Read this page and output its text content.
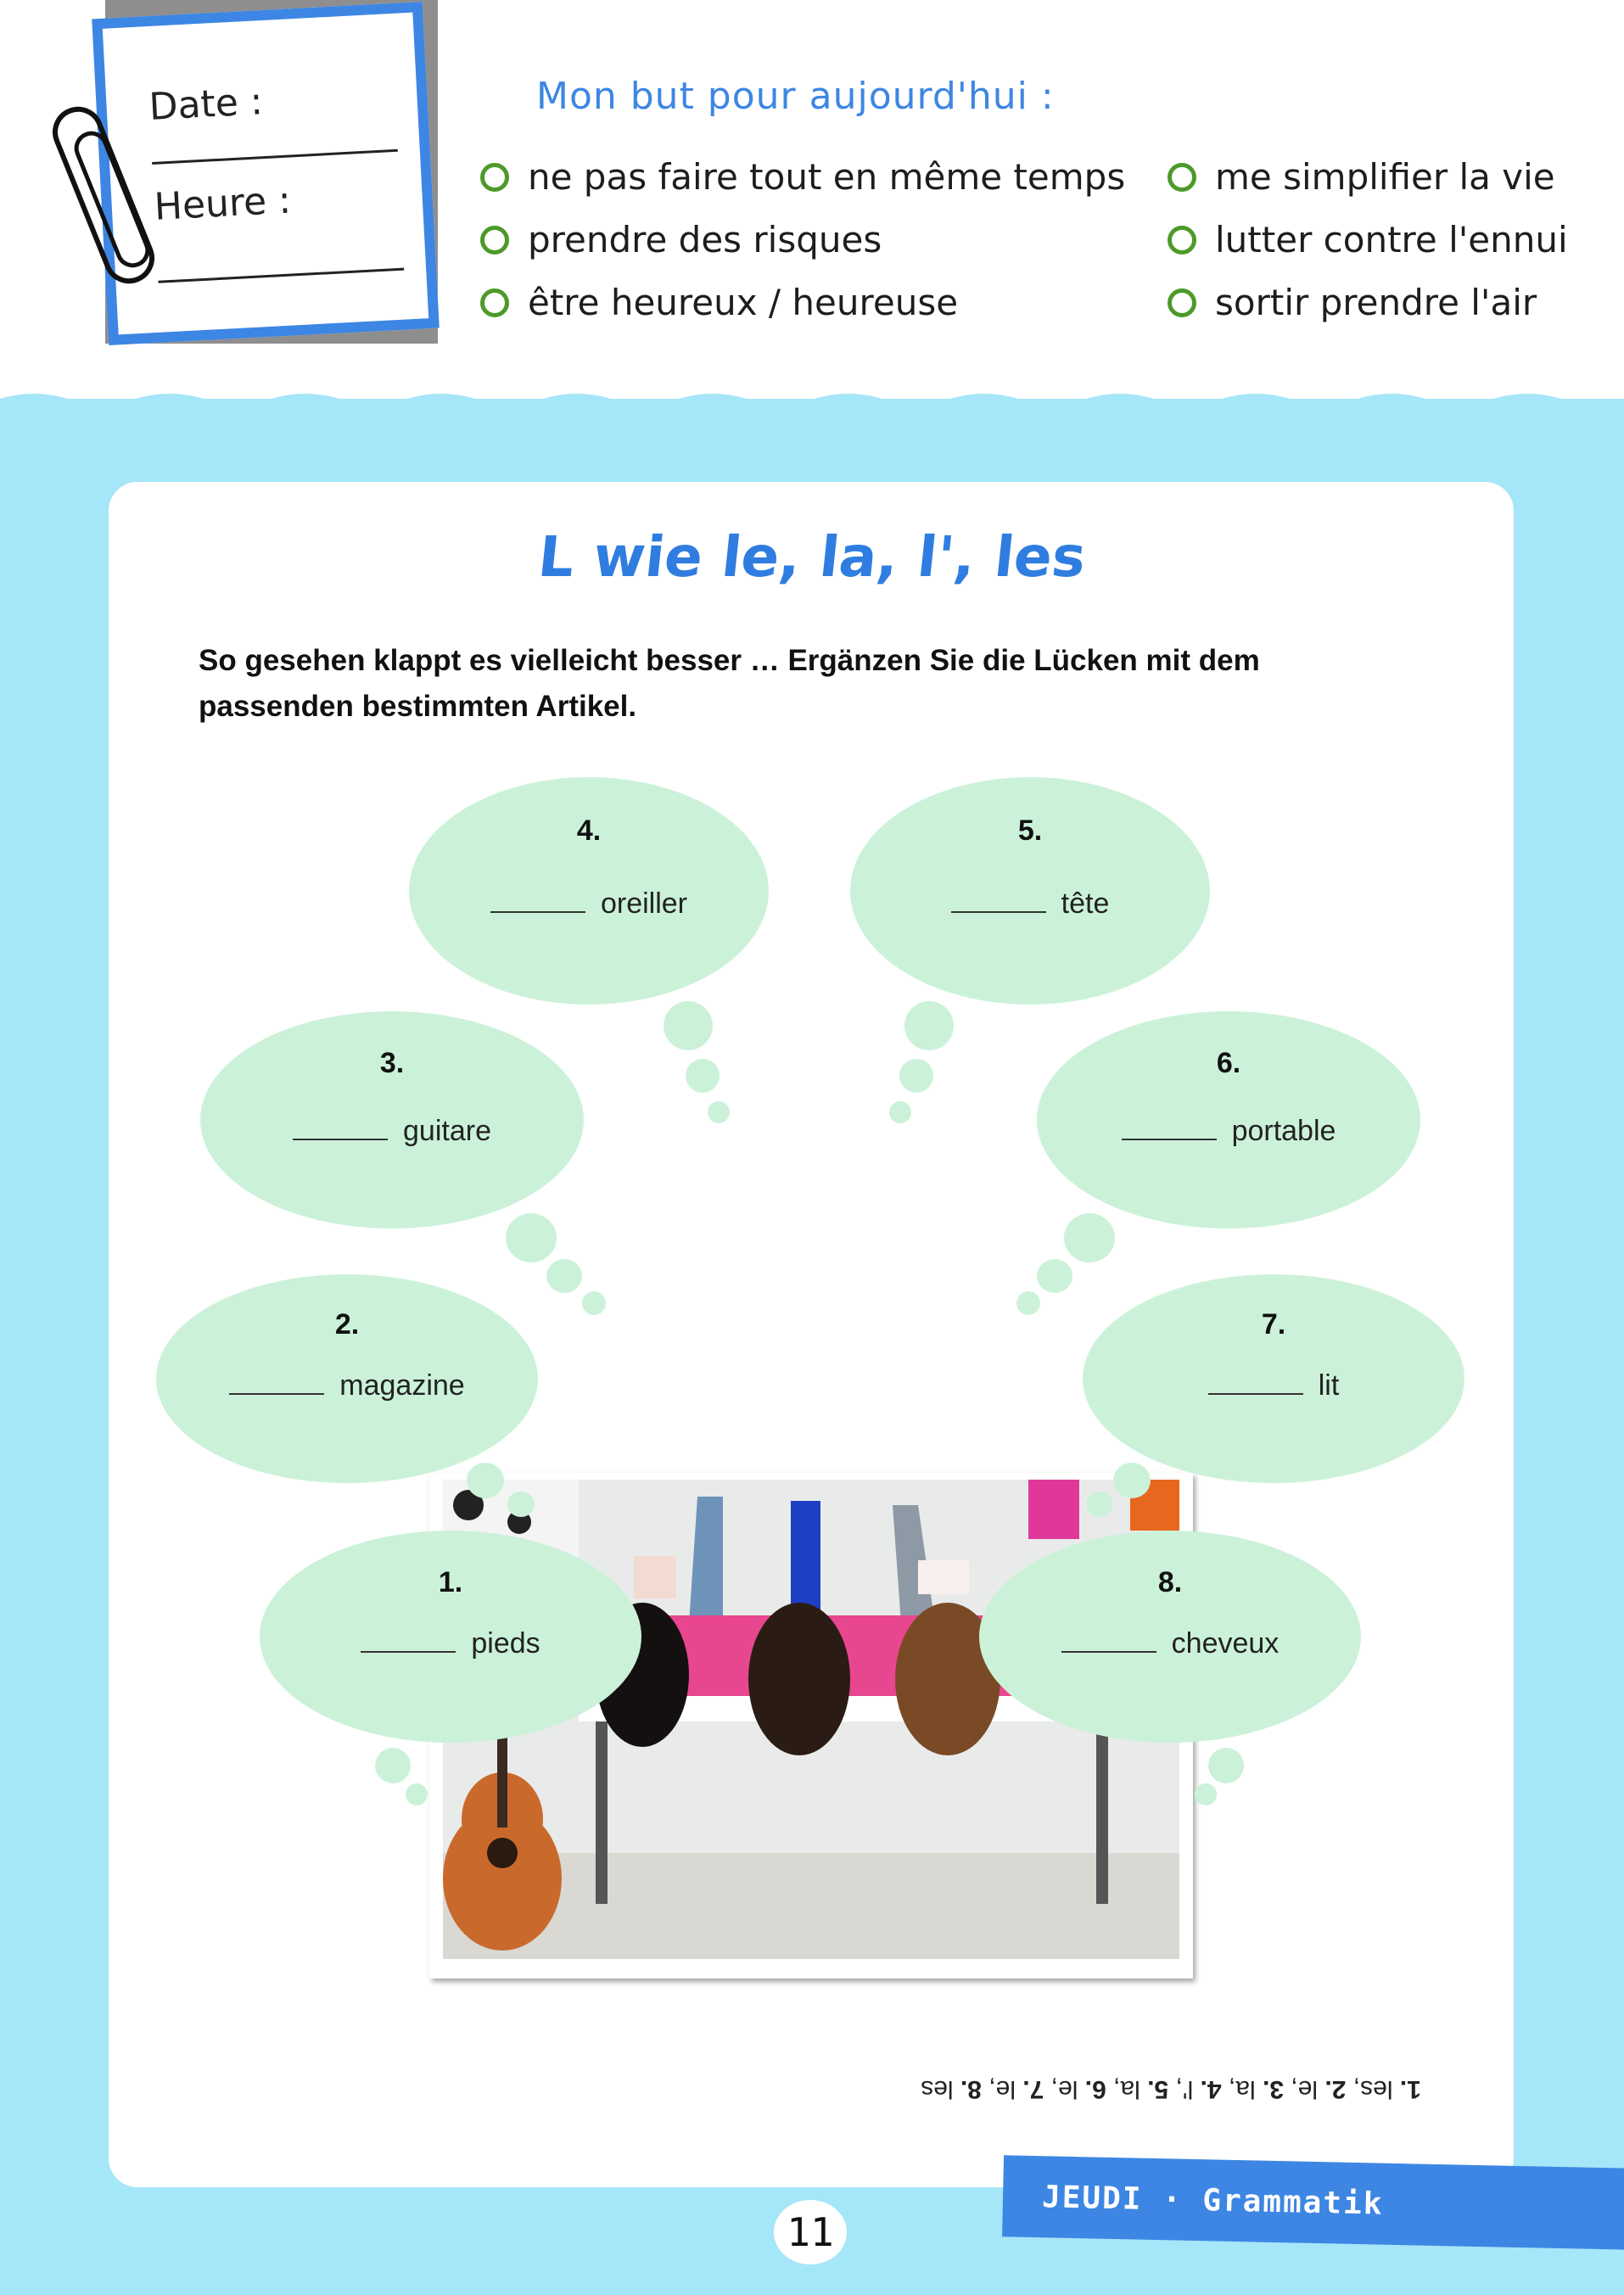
Date :
Heure :
Mon but pour aujourd'hui :
ne pas faire tout en même temps
prendre des risques
être heureux / heureuse
me simplifier la vie
lutter contre l'ennui
sortir prendre l'air
L wie le, la, l', les
So gesehen klappt es vielleicht besser … Ergänzen Sie die Lücken mit dem passenden bestimmten Artikel.
4.
oreiller
5.
tête
3.
guitare
6.
portable
2.
magazine
7.
lit
1.
pieds
8.
cheveux
1. les, 2. le, 3. la, 4. l', 5. la, 6. le, 7. le, 8. les
11
JEUDI · Grammatik
